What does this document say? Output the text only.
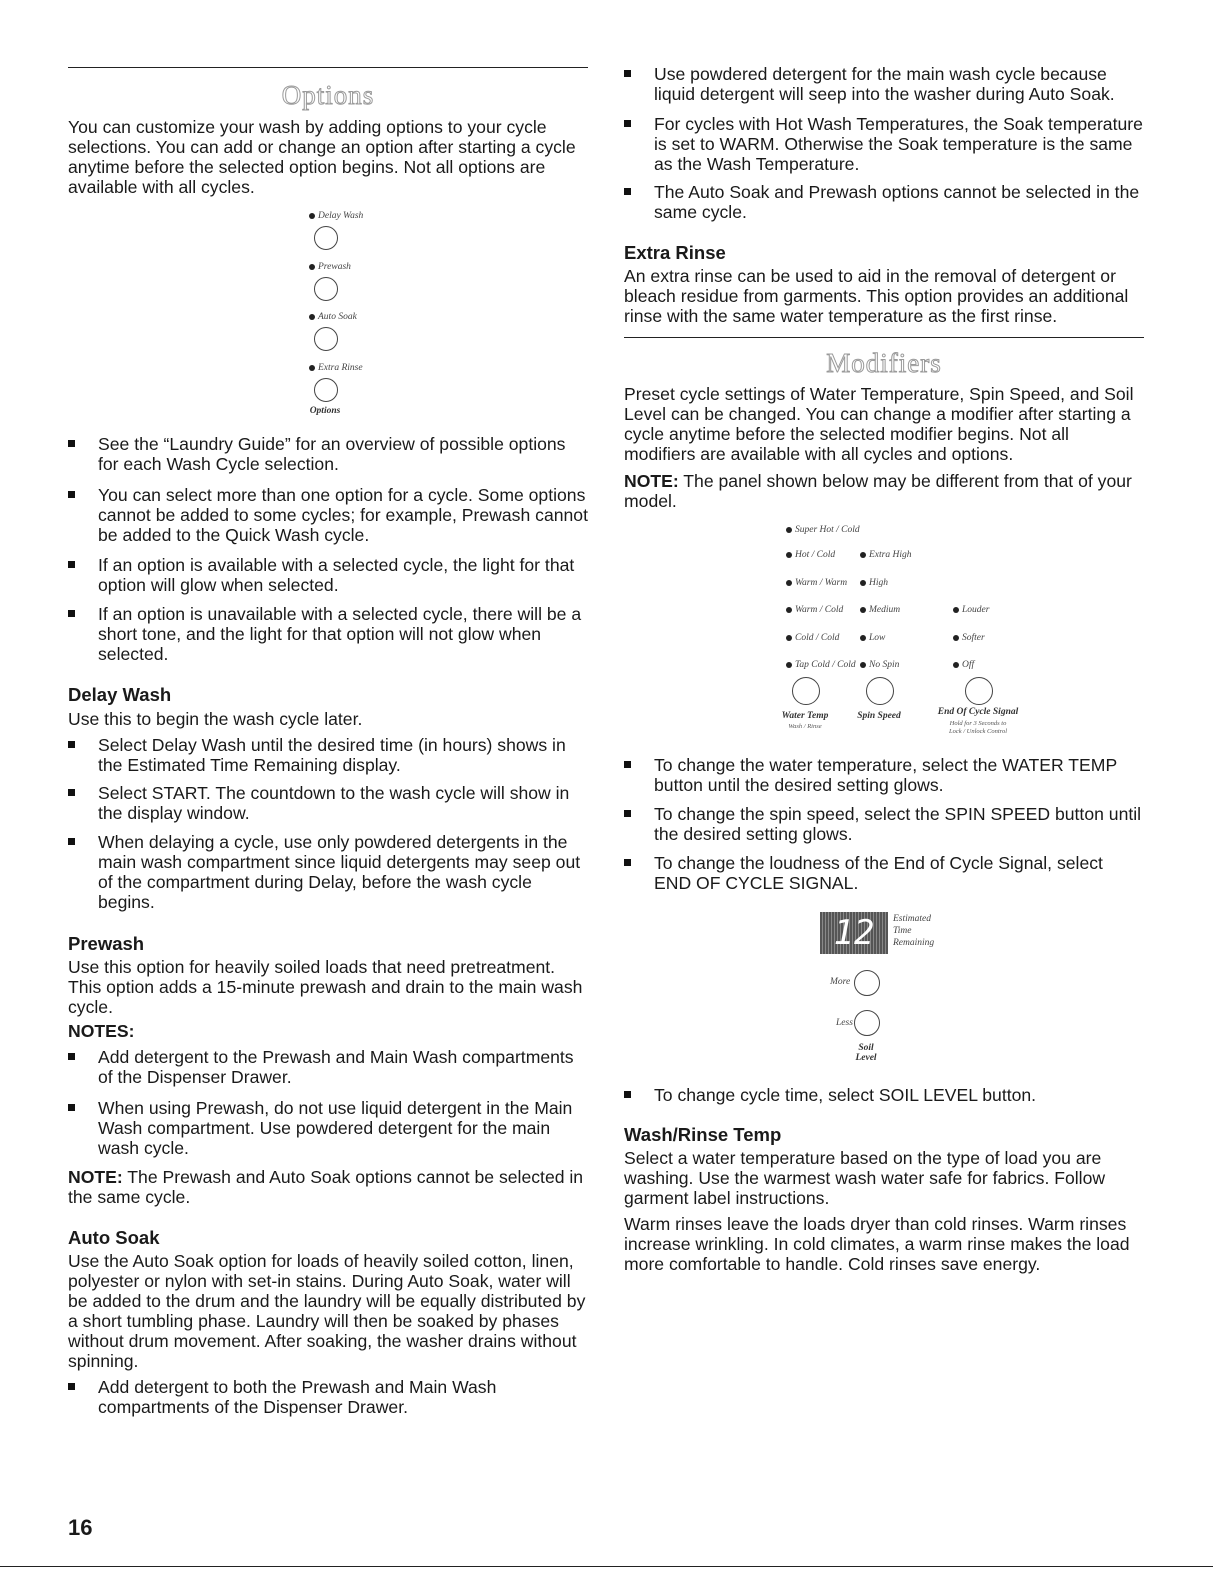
Options

You can customize your wash by adding options to your cycle selections. You can add or change an option after starting a cycle anytime before the selected option begins. Not all options are available with all cycles.

Delay Wash
Prewash
Auto Soak
Extra Rinse
Options
See the “Laundry Guide” for an overview of possible options for each Wash Cycle selection.
You can select more than one option for a cycle. Some options cannot be added to some cycles; for example, Prewash cannot be added to the Quick Wash cycle.
If an option is available with a selected cycle, the light for that option will glow when selected.
If an option is unavailable with a selected cycle, there will be a short tone, and the light for that option will not glow when selected.
Delay Wash

Use this to begin the wash cycle later.

Select Delay Wash until the desired time (in hours) shows in the Estimated Time Remaining display.
Select START. The countdown to the wash cycle will show in the display window.
When delaying a cycle, use only powdered detergents in the main wash compartment since liquid detergents may seep out of the compartment during Delay, before the wash cycle begins.
Prewash

Use this option for heavily soiled loads that need pretreatment. This option adds a 15-minute prewash and drain to the main wash cycle.

NOTES:

Add detergent to the Prewash and Main Wash compartments of the Dispenser Drawer.
When using Prewash, do not use liquid detergent in the Main Wash compartment. Use powdered detergent for the main wash cycle.

NOTE: The Prewash and Auto Soak options cannot be selected in the same cycle.

Auto Soak

Use the Auto Soak option for loads of heavily soiled cotton, linen, polyester or nylon with set-in stains. During Auto Soak, water will be added to the drum and the laundry will be equally distributed by a short tumbling phase. Laundry will then be soaked by phases without drum movement. After soaking, the washer drains without spinning.

Add detergent to both the Prewash and Main Wash compartments of the Dispenser Drawer.
Use powdered detergent for the main wash cycle because liquid detergent will seep into the washer during Auto Soak.
For cycles with Hot Wash Temperatures, the Soak temperature is set to WARM. Otherwise the Soak temperature is the same as the Wash Temperature.
The Auto Soak and Prewash options cannot be selected in the same cycle.
Extra Rinse

An extra rinse can be used to aid in the removal of detergent or bleach residue from garments. This option provides an additional rinse with the same water temperature as the first rinse.

Modifiers

Preset cycle settings of Water Temperature, Spin Speed, and Soil Level can be changed. You can change a modifier after starting a cycle anytime before the selected modifier begins. Not all modifiers are available with all cycles and options.

NOTE: The panel shown below may be different from that of your model.

Super Hot / Cold
Hot / Cold
Warm / Warm
Warm / Cold
Cold / Cold
Tap Cold / Cold
Extra High
High
Medium
Low
No Spin
Louder
Softer
Off
Water Temp
Wash / Rinse
Spin Speed	End Of Cycle Signal
Hold for 3 Seconds to
Lock / Unlock Control
To change the water temperature, select the WATER TEMP button until the desired setting glows.
To change the spin speed, select the SPIN SPEED button until the desired setting glows.
To change the loudness of the End of Cycle Signal, select END OF CYCLE SIGNAL.
12	Estimated
Time
Remaining
More
Less
Soil
Level
To change cycle time, select SOIL LEVEL button.
Wash/Rinse Temp

Select a water temperature based on the type of load you are washing. Use the warmest wash water safe for fabrics. Follow garment label instructions.

Warm rinses leave the loads dryer than cold rinses. Warm rinses increase wrinkling. In cold climates, a warm rinse makes the load more comfortable to handle. Cold rinses save energy.

16
